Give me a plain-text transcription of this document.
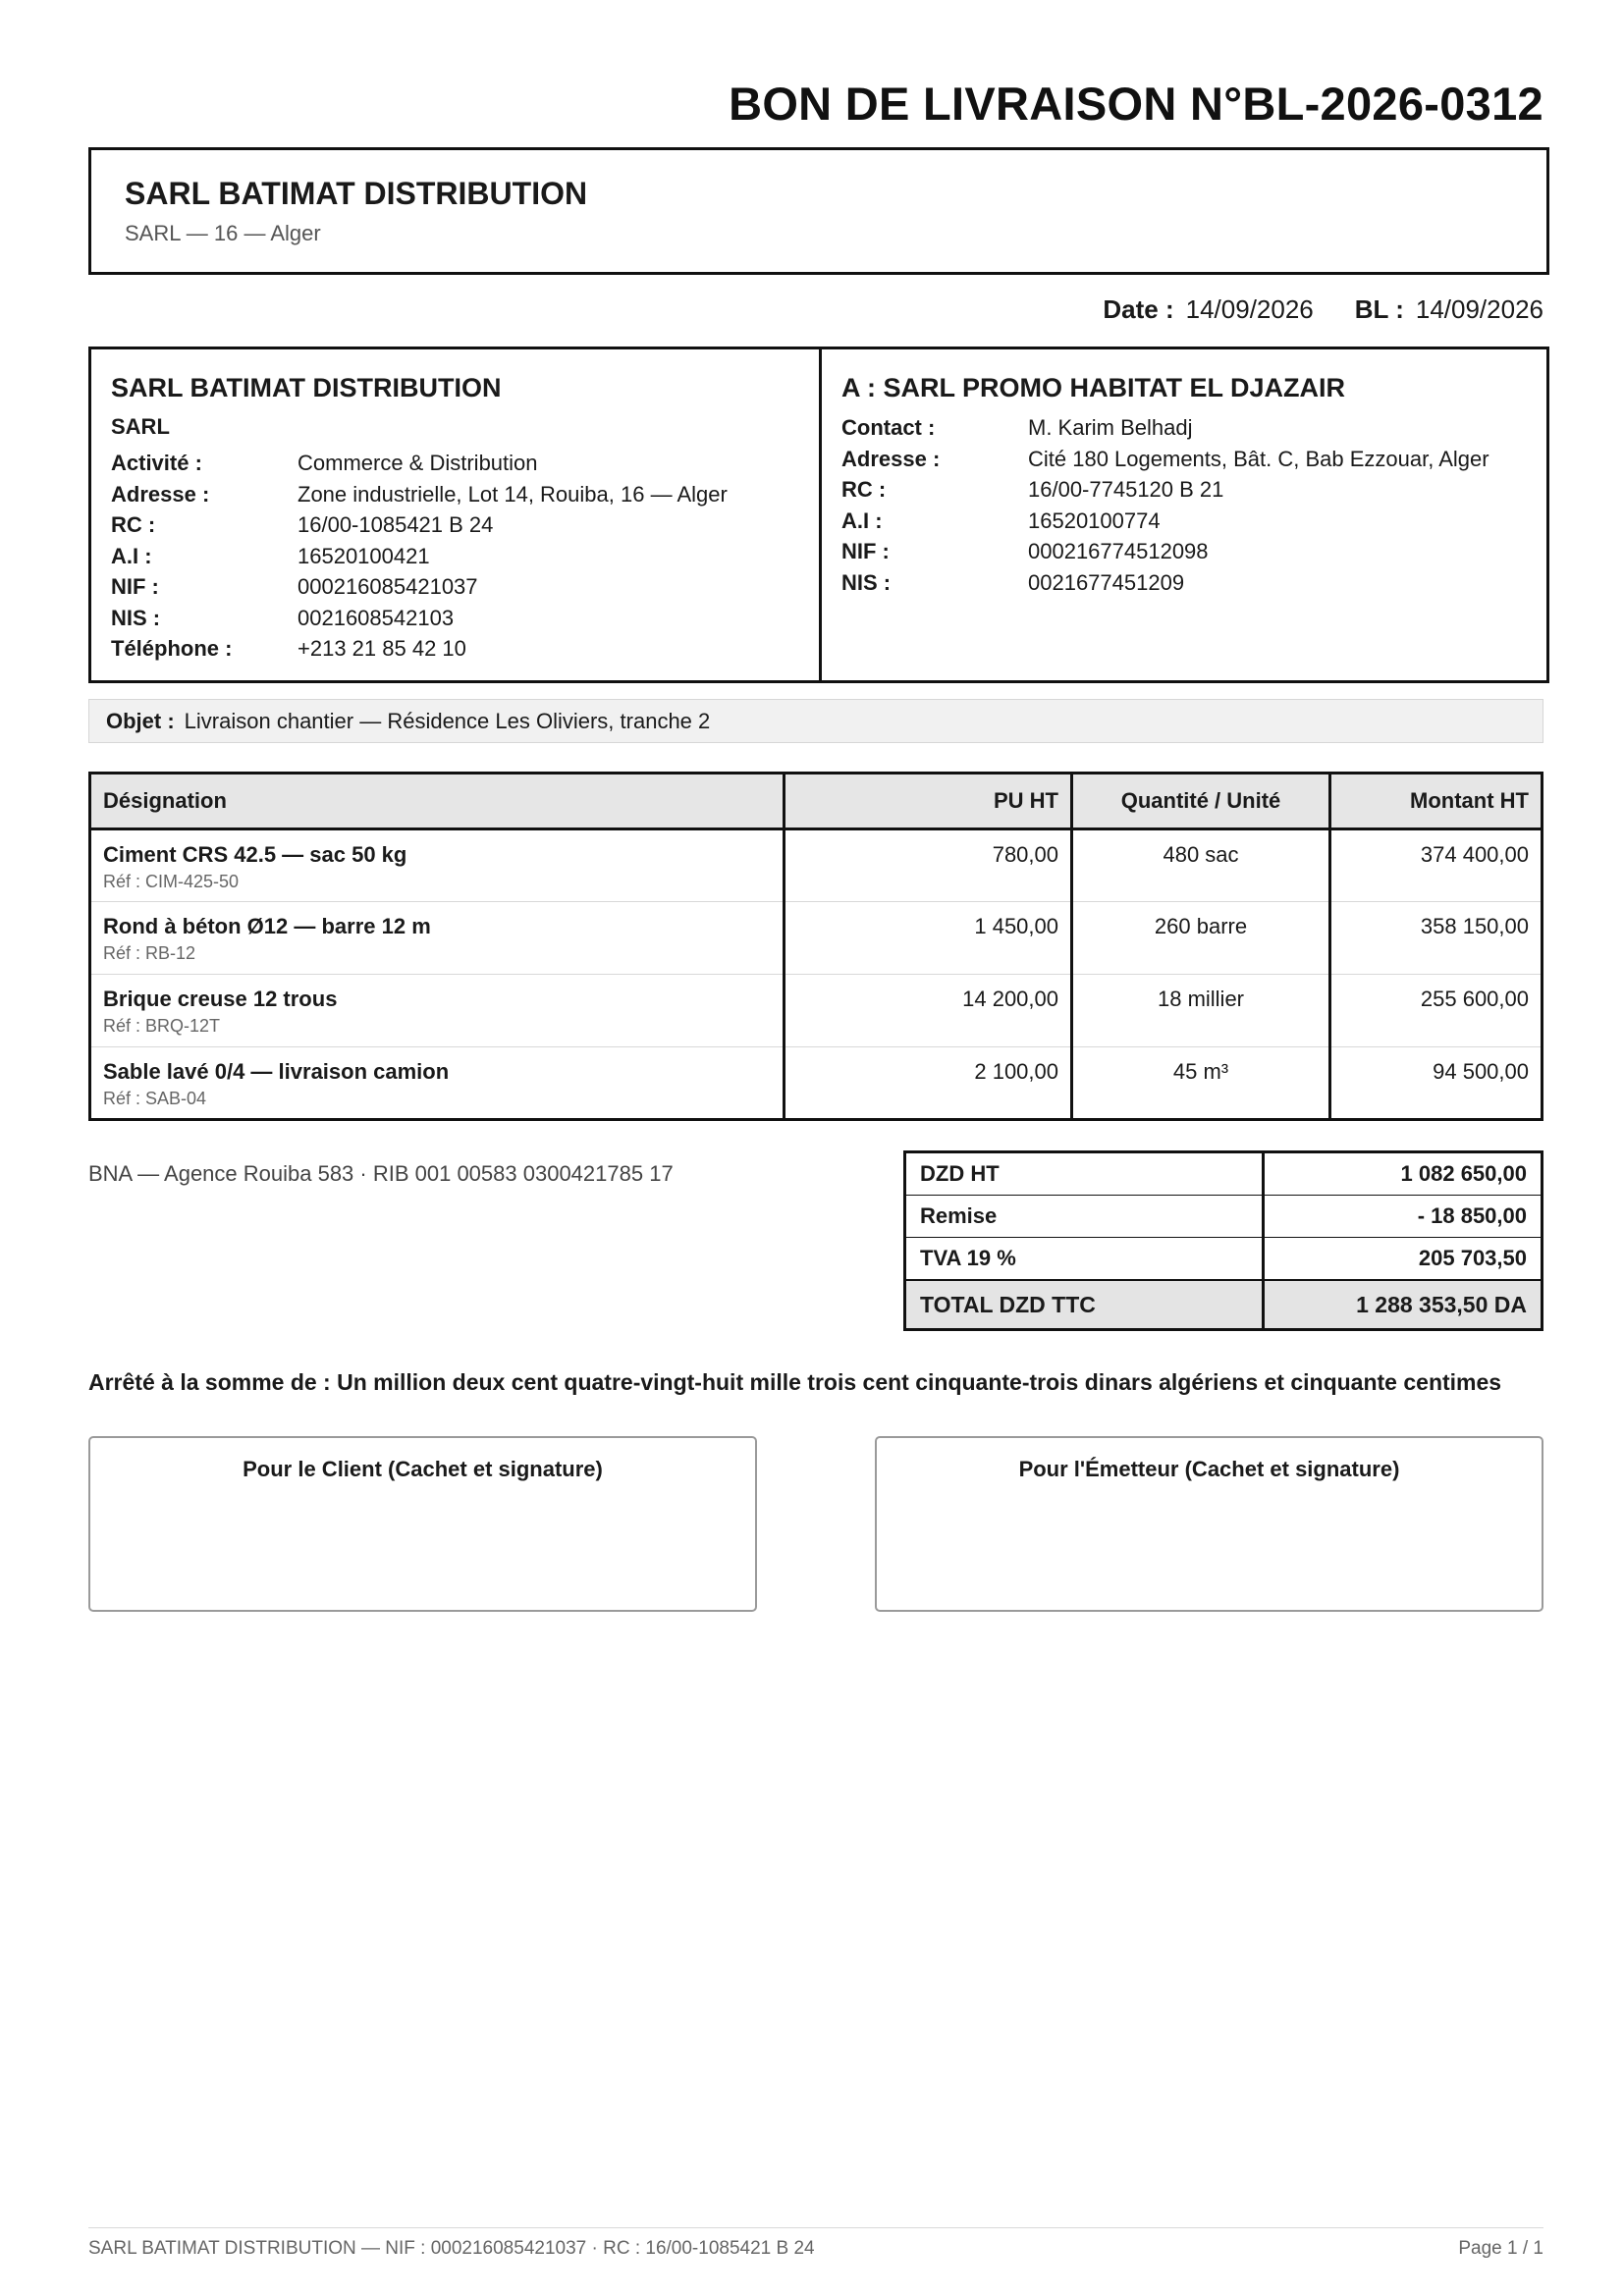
BON DE LIVRAISON N°BL-2026-0312
SARL BATIMAT DISTRIBUTION
SARL — 16 — Alger
Date : 14/09/2026 BL : 14/09/2026
SARL BATIMAT DISTRIBUTION
SARL
Activité :	Commerce & Distribution
Adresse :	Zone industrielle, Lot 14, Rouiba, 16 — Alger
RC :	16/00-1085421 B 24
A.I :	16520100421
NIF :	000216085421037
NIS :	0021608542103
Téléphone :	+213 21 85 42 10
A : SARL PROMO HABITAT EL DJAZAIR
Contact :	M. Karim Belhadj
Adresse :	Cité 180 Logements, Bât. C, Bab Ezzouar, Alger
RC :	16/00-7745120 B 21
A.I :	16520100774
NIF :	000216774512098
NIS :	0021677451209
Objet : Livraison chantier — Résidence Les Oliviers, tranche 2
Désignation	PU HT	Quantité / Unité	Montant HT

Ciment CRS 42.5 — sac 50 kg
Réf : CIM-425-50	780,00	480 sac	374 400,00

Rond à béton Ø12 — barre 12 m
Réf : RB-12	1 450,00	260 barre	358 150,00

Brique creuse 12 trous
Réf : BRQ-12T	14 200,00	18 millier	255 600,00

Sable lavé 0/4 — livraison camion
Réf : SAB-04	2 100,00	45 m³	94 500,00
BNA — Agence Rouiba 583 · RIB 001 00583 0300421785 17	DZD HT	1 082 650,00
Remise	- 18 850,00
TVA 19 %	205 703,50
TOTAL DZD TTC	1 288 353,50 DA
Arrêté à la somme de : Un million deux cent quatre-vingt-huit mille trois cent cinquante-trois dinars algériens et cinquante centimes
Pour le Client (Cachet et signature)	Pour l'Émetteur (Cachet et signature)
SARL BATIMAT DISTRIBUTION — NIF : 000216085421037 · RC : 16/00-1085421 B 24	Page 1 / 1
